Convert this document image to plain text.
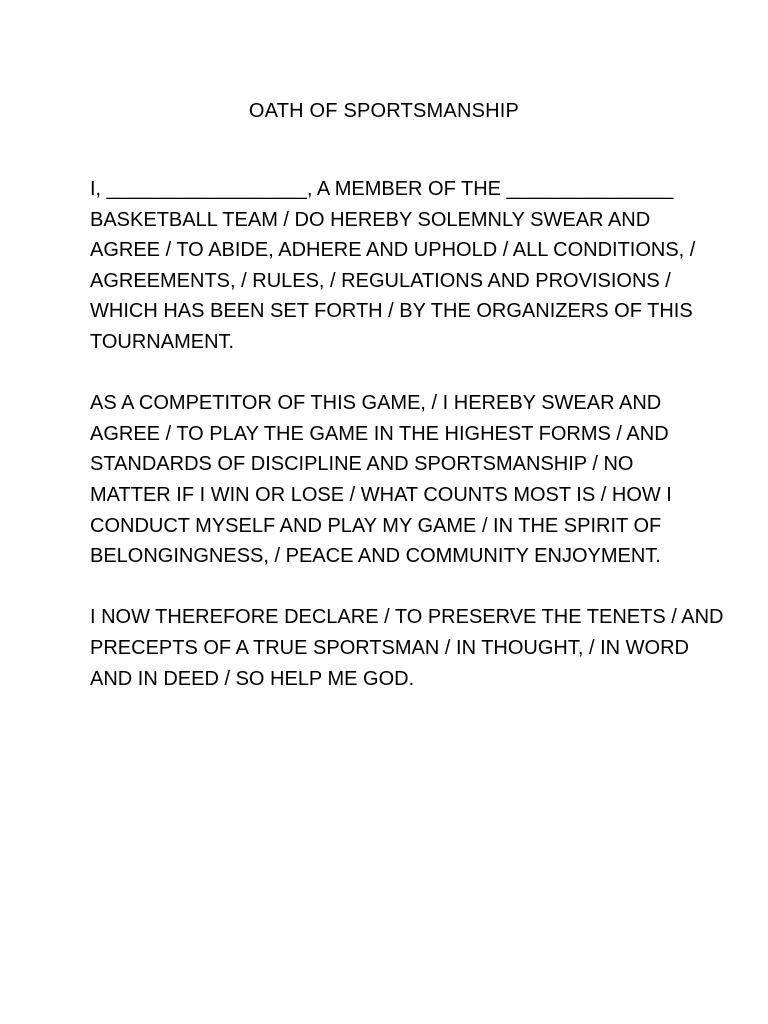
OATH OF SPORTSMANSHIP

I, __________________, A MEMBER OF THE _______________
BASKETBALL TEAM / DO HEREBY SOLEMNLY SWEAR AND
AGREE / TO ABIDE, ADHERE AND UPHOLD / ALL CONDITIONS, /
AGREEMENTS, / RULES, / REGULATIONS AND PROVISIONS /
WHICH HAS BEEN SET FORTH / BY THE ORGANIZERS OF THIS
TOURNAMENT.

AS A COMPETITOR OF THIS GAME, / I HEREBY SWEAR AND
AGREE / TO PLAY THE GAME IN THE HIGHEST FORMS / AND
STANDARDS OF DISCIPLINE AND SPORTSMANSHIP / NO
MATTER IF I WIN OR LOSE / WHAT COUNTS MOST IS / HOW I
CONDUCT MYSELF AND PLAY MY GAME / IN THE SPIRIT OF
BELONGINGNESS, / PEACE AND COMMUNITY ENJOYMENT.

I NOW THEREFORE DECLARE / TO PRESERVE THE TENETS / AND
PRECEPTS OF A TRUE SPORTSMAN / IN THOUGHT, / IN WORD
AND IN DEED / SO HELP ME GOD.
